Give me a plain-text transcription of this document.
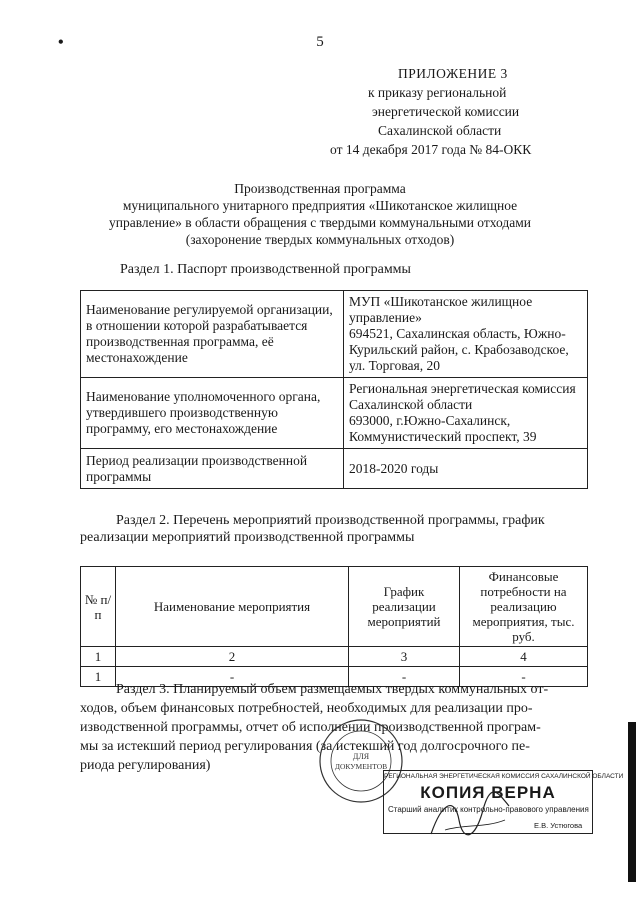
•	5
ПРИЛОЖЕНИЕ 3
к приказу региональной
энергетической комиссии
Сахалинской области
от 14 декабря 2017 года № 84-ОКК
Производственная программа
муниципального унитарного предприятия «Шикотанское жилищное
управление» в области обращения с твердыми коммунальными отходами
(захоронение твердых коммунальных отходов)
Раздел 1. Паспорт производственной программы
Наименование регулируемой организации, в отношении которой разрабатывается производственная программа, её местонахождение	МУП «Шикотанское жилищное управление»
694521, Сахалинская область, Южно-Курильский район, с. Крабозаводское, ул. Торговая, 20

Наименование уполномоченного органа, утвердившего производственную программу, его местонахождение	Региональная энергетическая комиссия Сахалинской области
693000, г.Южно-Сахалинск, Коммунистический проспект, 39

Период реализации производственной программы	2018-2020 годы
Раздел 2. Перечень мероприятий производственной программы, график
реализации мероприятий производственной программы
№ п/п	Наименование мероприятия	График реализации мероприятий	Финансовые потребности на реализацию мероприятия, тыс. руб.
1	2	3	4
1	-	-	-
Раздел 3. Планируемый объем размещаемых твердых коммунальных от-
ходов, объем финансовых потребностей, необходимых для реализации про-
изводственной программы, отчет об исполнении производственной програм-
мы за истекший период регулирования (за истекший год долгосрочного пе-
риода регулирования)
ДЛЯ
ДОКУМЕНТОВ
РЕГИОНАЛЬНАЯ ЭНЕРГЕТИЧЕСКАЯ КОМИССИЯ САХАЛИНСКОЙ ОБЛАСТИ
КОПИЯ ВЕРНА
Старший аналитик контрольно-правового управления
Е.В. Устюгова
